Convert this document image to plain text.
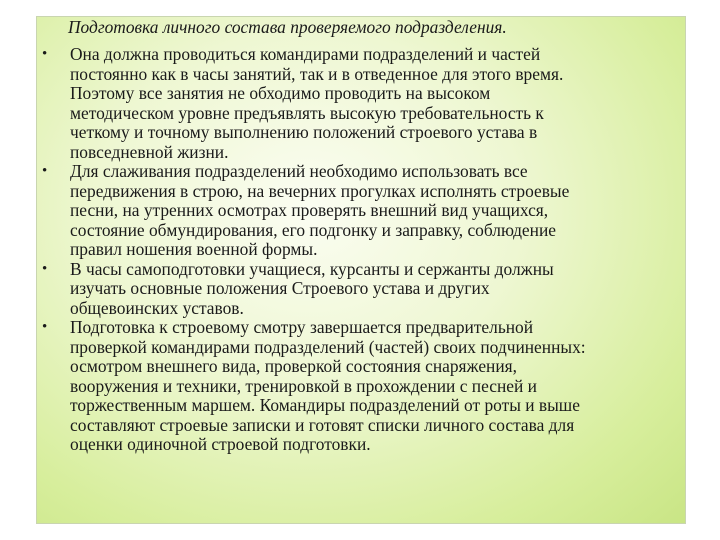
Подготовка личного состава проверяемого подразделения.
• Она должна проводиться командирами подразделений и частей
постоянно как в часы занятий, так и в отведенное для этого время.
Поэтому все занятия не обходимо проводить на высоком
методическом уровне предъявлять высокую требовательность к
четкому и точному выполнению положений строевого устава в
повседневной жизни.
• Для слаживания подразделений необходимо использовать все
передвижения в строю, на вечерних прогулках исполнять строевые
песни, на утренних осмотрах проверять внешний вид учащихся,
состояние обмундирования, его подгонку и заправку, соблюдение
правил ношения военной формы.
• В часы самоподготовки учащиеся, курсанты и сержанты должны
изучать основные положения Строевого устава и других
общевоинских уставов.
• Подготовка к строевому смотру завершается предварительной
проверкой командирами подразделений (частей) своих подчиненных:
осмотром внешнего вида, проверкой состояния снаряжения,
вооружения и техники, тренировкой в прохождении с песней и
торжественным маршем. Командиры подразделений от роты и выше
составляют строевые записки и готовят списки личного состава для
оценки одиночной строевой подготовки.
